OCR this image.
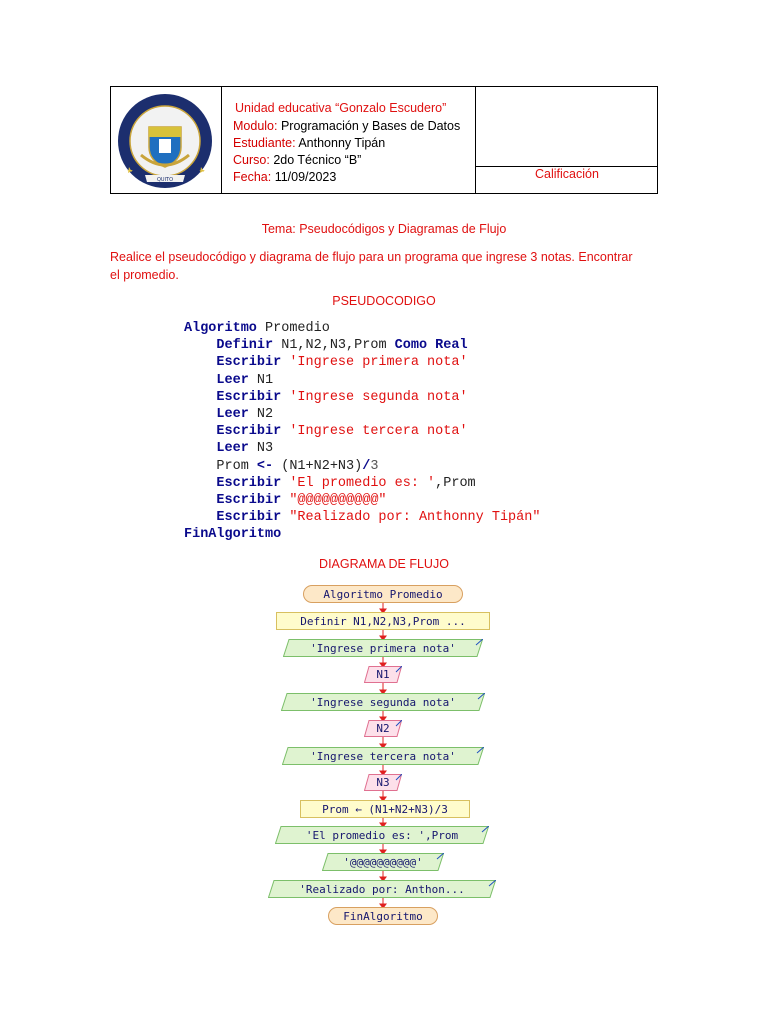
QUITO
Unidad educativa “Gonzalo Escudero”
Modulo: Programación y Bases de Datos
Estudiante: Anthonny Tipán
Curso: 2do Técnico “B”
Fecha: 11/09/2023	Calificación
Tema: Pseudocódigos y Diagramas de Flujo
Realice el pseudocódigo y diagrama de flujo para un programa que ingrese 3 notas. Encontrar
el promedio.
PSEUDOCODIGO
Algoritmo Promedio
Definir N1,N2,N3,Prom Como Real
Escribir 'Ingrese primera nota'
Leer N1
Escribir 'Ingrese segunda nota'
Leer N2
Escribir 'Ingrese tercera nota'
Leer N3
Prom <- (N1+N2+N3)/3
Escribir 'El promedio es: ',Prom
Escribir "@@@@@@@@@@"
Escribir "Realizado por: Anthonny Tipán"
FinAlgoritmo
DIAGRAMA DE FLUJO
Algoritmo Promedio
Definir N1,N2,N3,Prom ...
'Ingrese primera nota'
N1
'Ingrese segunda nota'
N2
'Ingrese tercera nota'
N3
Prom ← (N1+N2+N3)/3
'El promedio es: ',Prom
'@@@@@@@@@@'
'Realizado por: Anthon...
FinAlgoritmo
